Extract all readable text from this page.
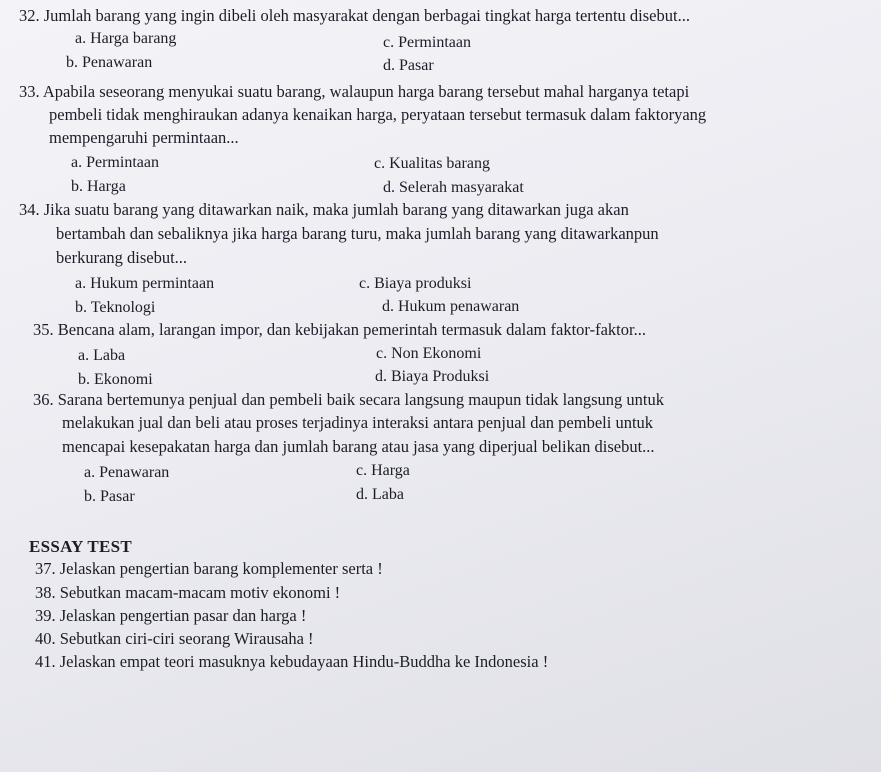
32. Jumlah barang yang ingin dibeli oleh masyarakat dengan berbagai tingkat harga tertentu disebut...
a. Harga barang	c. Permintaan
b. Penawaran	d. Pasar
33. Apabila seseorang menyukai suatu barang, walaupun harga barang tersebut mahal harganya tetapi
pembeli tidak menghiraukan adanya kenaikan harga, peryataan tersebut termasuk dalam faktoryang
mempengaruhi permintaan...
a. Permintaan	c. Kualitas barang
b. Harga	d. Selerah masyarakat
34. Jika suatu barang yang ditawarkan naik, maka jumlah barang yang ditawarkan juga akan
bertambah dan sebaliknya jika harga barang turu, maka jumlah barang yang ditawarkanpun
berkurang disebut...
a. Hukum permintaan	c. Biaya produksi
b. Teknologi	d. Hukum penawaran
35. Bencana alam, larangan impor, dan kebijakan pemerintah termasuk dalam faktor-faktor...
a. Laba	c. Non Ekonomi
b. Ekonomi	d. Biaya Produksi
36. Sarana bertemunya penjual dan pembeli baik secara langsung maupun tidak langsung untuk
melakukan jual dan beli atau proses terjadinya interaksi antara penjual dan pembeli untuk
mencapai kesepakatan harga dan jumlah barang atau jasa yang diperjual belikan disebut...
a. Penawaran	c. Harga
b. Pasar	d. Laba
ESSAY TEST
37. Jelaskan pengertian barang komplementer serta !
38. Sebutkan macam-macam motiv ekonomi !
39. Jelaskan pengertian pasar dan harga !
40. Sebutkan ciri-ciri seorang Wirausaha !
41. Jelaskan empat teori masuknya kebudayaan Hindu-Buddha ke Indonesia !
